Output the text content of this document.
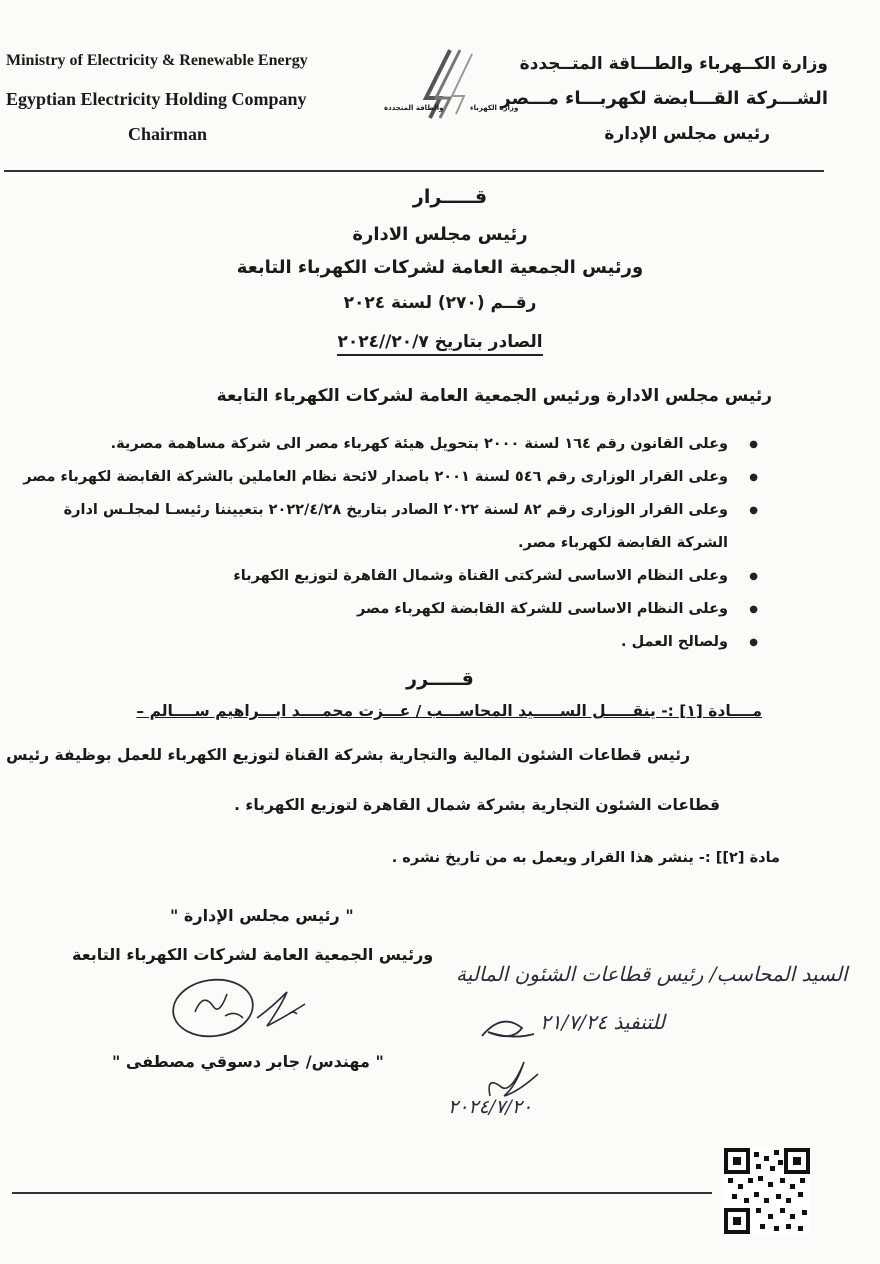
Ministry of Electricity & Renewable Energy
Egyptian Electricity Holding Company
Chairman
وزارة الكهرباء
والطاقة المتجددة
وزارة الكــهرباء والطـــاقة المتــجددة
الشـــركة القـــابضة لكهربـــاء مـــصر
رئيس مجلس الإدارة
قـــــرار
رئيس مجلس الادارة
ورئيس الجمعية العامة لشركات الكهرباء التابعة
رقــم (٢٧٠) لسنة ٢٠٢٤
الصادر بتاريخ ٢٠/٧//٢٠٢٤
رئيس مجلس الادارة ورئيس الجمعية العامة لشركات الكهرباء التابعة
● وعلى القانون رقم ١٦٤ لسنة ٢٠٠٠ بتحويل هيئة كهرباء مصر الى شركة مساهمة مصرية.
● وعلى القرار الوزارى رقم ٥٤٦ لسنة ٢٠٠١ باصدار لائحة نظام العاملين بالشركة القابضة لكهرباء مصر
● وعلى القرار الوزارى رقم ٨٢ لسنة ٢٠٢٢ الصادر بتاريخ ٢٠٢٢/٤/٢٨ بتعييننا رئيسـا لمجلـس ادارة
الشركة القابضة لكهرباء مصر.
● وعلى النظام الاساسى لشركتى القناة وشمال القاهرة لتوزيع الكهرباء
● وعلى النظام الاساسى للشركة القابضة لكهرباء مصر
● ولصالح العمل .
قـــــرر
مــــادة [١] :- ينقـــــل الســـــيد المحاســـب / عـــزت محمــــد ابـــراهيم ســــالم –
رئيس قطاعات الشئون المالية والتجارية بشركة القناة لتوزيع الكهرباء للعمل بوظيفة رئيس
قطاعات الشئون التجارية بشركة شمال القاهرة لتوزيع الكهرباء .
مادة [٢]] :- ينشر هذا القرار ويعمل به من تاريخ نشره .
" رئيس مجلس الإدارة "
ورئيس الجمعية العامة لشركات الكهرباء التابعة
" مهندس/ جابر دسوقي مصطفى "
السيد المحاسب/ رئيس قطاعات الشئون المالية
للتنفيذ ٢١/٧/٢٤
٢٠٢٤/٧/٢٠
